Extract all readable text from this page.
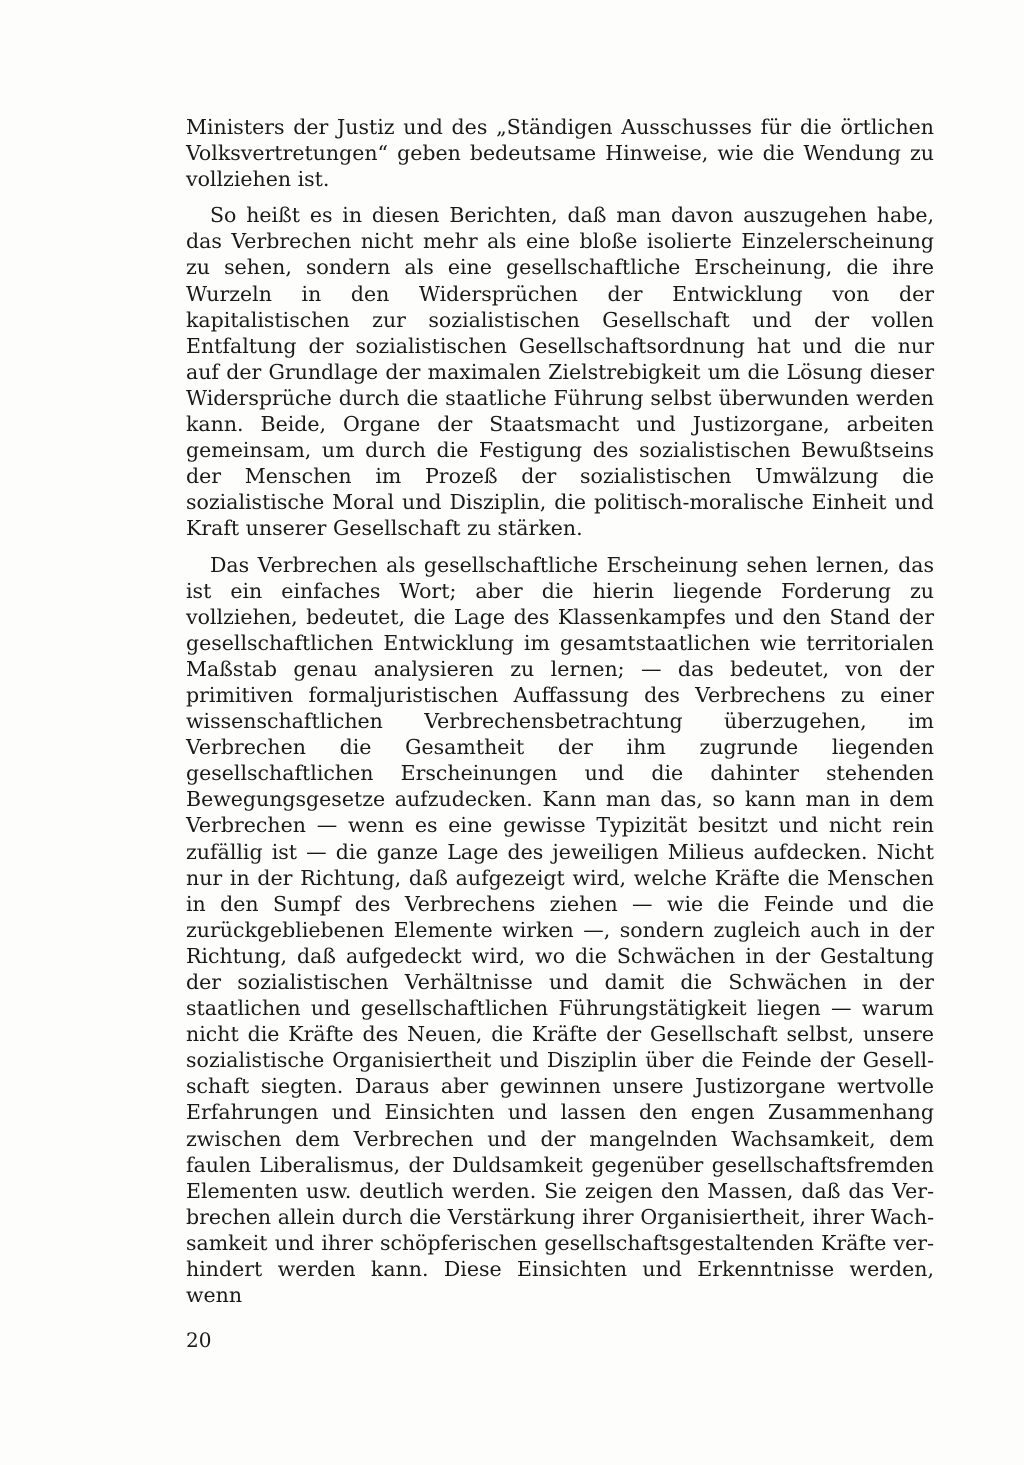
Ministers der Justiz und des „Ständigen Ausschusses für die örtlichen Volksvertretungen“ geben bedeutsame Hinweise, wie die Wendung zu vollziehen ist.

So heißt es in diesen Berichten, daß man davon auszugehen habe, das Verbrechen nicht mehr als eine bloße isolierte Einzelerscheinung zu sehen, sondern als eine gesellschaftliche Erscheinung, die ihre Wurzeln in den Widersprüchen der Entwicklung von der kapitalistischen zur sozialistischen Gesellschaft und der vollen Entfaltung der sozialistischen Gesellschaftsordnung hat und die nur auf der Grundlage der maximalen Zielstrebigkeit um die Lösung dieser Widersprüche durch die staatliche Führung selbst überwunden werden kann. Beide, Organe der Staatsmacht und Justizorgane, arbeiten gemeinsam, um durch die Festigung des sozialistischen Bewußtseins der Menschen im Prozeß der sozialistischen Umwälzung die sozialistische Moral und Disziplin, die politisch-moralische Einheit und Kraft unserer Gesellschaft zu stärken.

Das Verbrechen als gesellschaftliche Erscheinung sehen lernen, das ist ein einfaches Wort; aber die hierin liegende Forderung zu vollziehen, bedeutet, die Lage des Klassenkampfes und den Stand der gesellschaftlichen Entwicklung im gesamtstaatlichen wie territorialen Maßstab genau analysieren zu lernen; — das bedeutet, von der primitiven formaljuristischen Auffassung des Verbrechens zu einer wissenschaftlichen Verbrechensbetrachtung überzugehen, im Verbrechen die Gesamtheit der ihm zugrunde liegenden gesellschaftlichen Erscheinungen und die dahinter stehenden Bewegungsgesetze aufzudecken. Kann man das, so kann man in dem Verbrechen — wenn es eine gewisse Typizität besitzt und nicht rein zufällig ist — die ganze Lage des jeweiligen Milieus aufdecken. Nicht nur in der Richtung, daß aufgezeigt wird, welche Kräfte die Menschen in den Sumpf des Verbrechens ziehen — wie die Feinde und die zurückgebliebenen Elemente wirken —, sondern zugleich auch in der Richtung, daß aufgedeckt wird, wo die Schwächen in der Gestaltung der sozialistischen Verhältnisse und damit die Schwächen in der staatlichen und gesellschaftlichen Führungstätigkeit liegen — warum nicht die Kräfte des Neuen, die Kräfte der Gesellschaft selbst, unsere sozialistische Organisiertheit und Disziplin über die Feinde der Gesellschaft siegten. Daraus aber gewinnen unsere Justizorgane wertvolle Erfahrungen und Einsichten und lassen den engen Zusammenhang zwischen dem Verbrechen und der mangelnden Wachsamkeit, dem faulen Liberalismus, der Duldsamkeit gegenüber gesellschaftsfremden Elementen usw. deutlich werden. Sie zeigen den Massen, daß das Verbrechen allein durch die Verstärkung ihrer Organisiertheit, ihrer Wachsamkeit und ihrer schöpferischen gesellschaftsgestaltenden Kräfte verhindert werden kann. Diese Einsichten und Erkenntnisse werden, wenn

20
